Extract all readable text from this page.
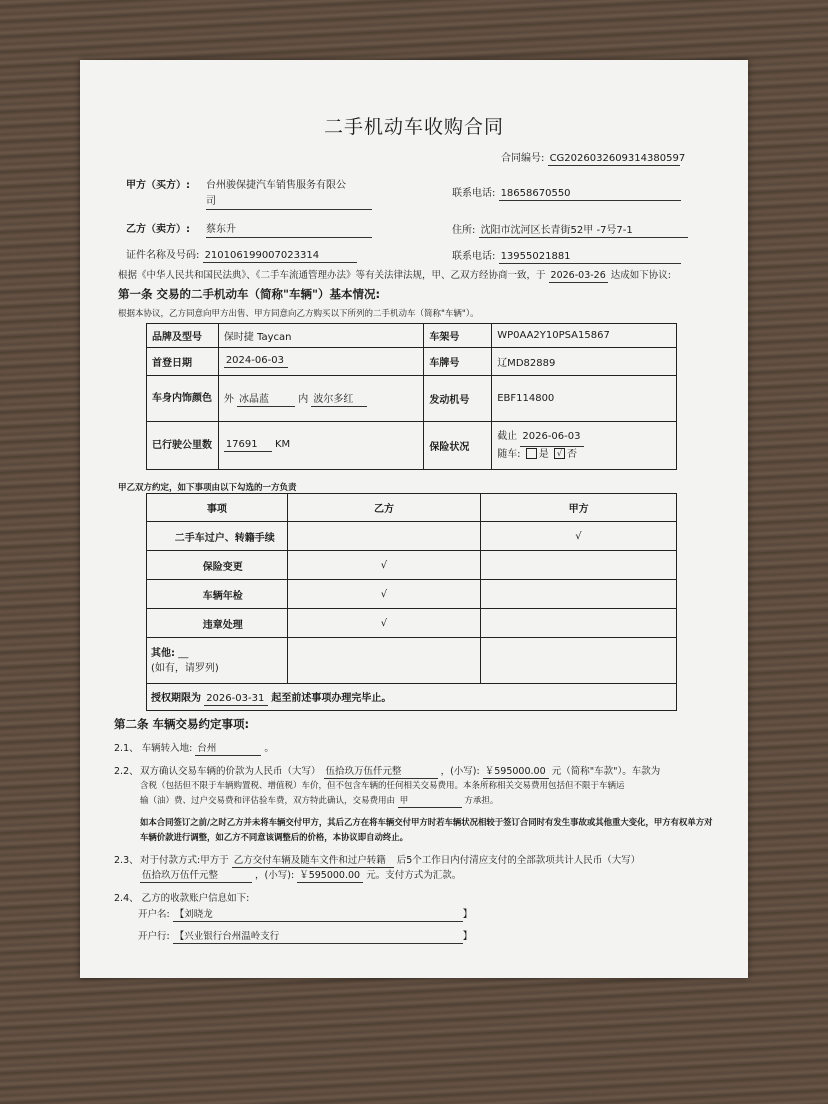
二手机动车收购合同
合同编号: CG2026032609314380597
甲方（买方）: 台州骏保捷汽车销售服务有限公
司
联系电话: 18658670550
乙方（卖方）: 蔡东升	住所: 沈阳市沈河区长青街52甲 -7号7-1
证件名称及号码: 210106199007023314	联系电话: 13955021881
根据《中华人民共和国民法典》、《二手车流通管理办法》等有关法律法规，甲、乙双方经协商一致，于 2026-03-26 达成如下协议:
第一条 交易的二手机动车（简称"车辆"）基本情况:
根据本协议，乙方同意向甲方出售、甲方同意向乙方购买以下所列的二手机动车（简称"车辆"）。
品牌及型号	保时捷 Taycan	车架号	WP0AA2Y10PSA15867
首登日期	2024-06-03	车牌号	辽MD82889
车身内饰颜色	外 冰晶蓝 内 波尔多红	发动机号	EBF114800
已行驶公里数	17691 KM	保险状况	截止 2026-06-03
随车: 是 √ 否
甲乙双方约定，如下事项由以下勾选的一方负责
事项	乙方	甲方
二手车过户、转籍手续		√
保险变更	√	
车辆年检	√	
违章处理	√	

其他: __
(如有，请罗列)		

授权期限为 2026-03-31 起至前述事项办理完毕止。		
第二条 车辆交易约定事项:
2.1、 车辆转入地: 台州	。
2.2、 双方确认交易车辆的价款为人民币（大写） 伍拾玖万伍仟元整	，(小写): ￥595000.00 元（简称"车款"）。车款为
含税（包括但不限于车辆购置税、增值税）车价，但不包含车辆的任何相关交易费用。本条所称相关交易费用包括但不限于车辆运
输（油）费、过户交易费和评估验车费，双方特此确认，交易费用由 甲	方承担。
如本合同签订之前/之时乙方并未将车辆交付甲方，其后乙方在将车辆交付甲方时若车辆状况相较于签订合同时有发生事故或其他重大变化，甲方有权单方对车辆价款进行调整，如乙方不同意该调整后的价格，本协议即自动终止。
2.3、 对于付款方式:甲方于 乙方交付车辆及随车文件和过户转籍 后5个工作日内付清应支付的全部款项共计人民币（大写）
伍拾玖万伍仟元整	，(小写): ￥595000.00 元。支付方式为汇款。
2.4、 乙方的收款账户信息如下:
开户名: 【刘晓龙	】
开户行: 【兴业银行台州温岭支行	】
